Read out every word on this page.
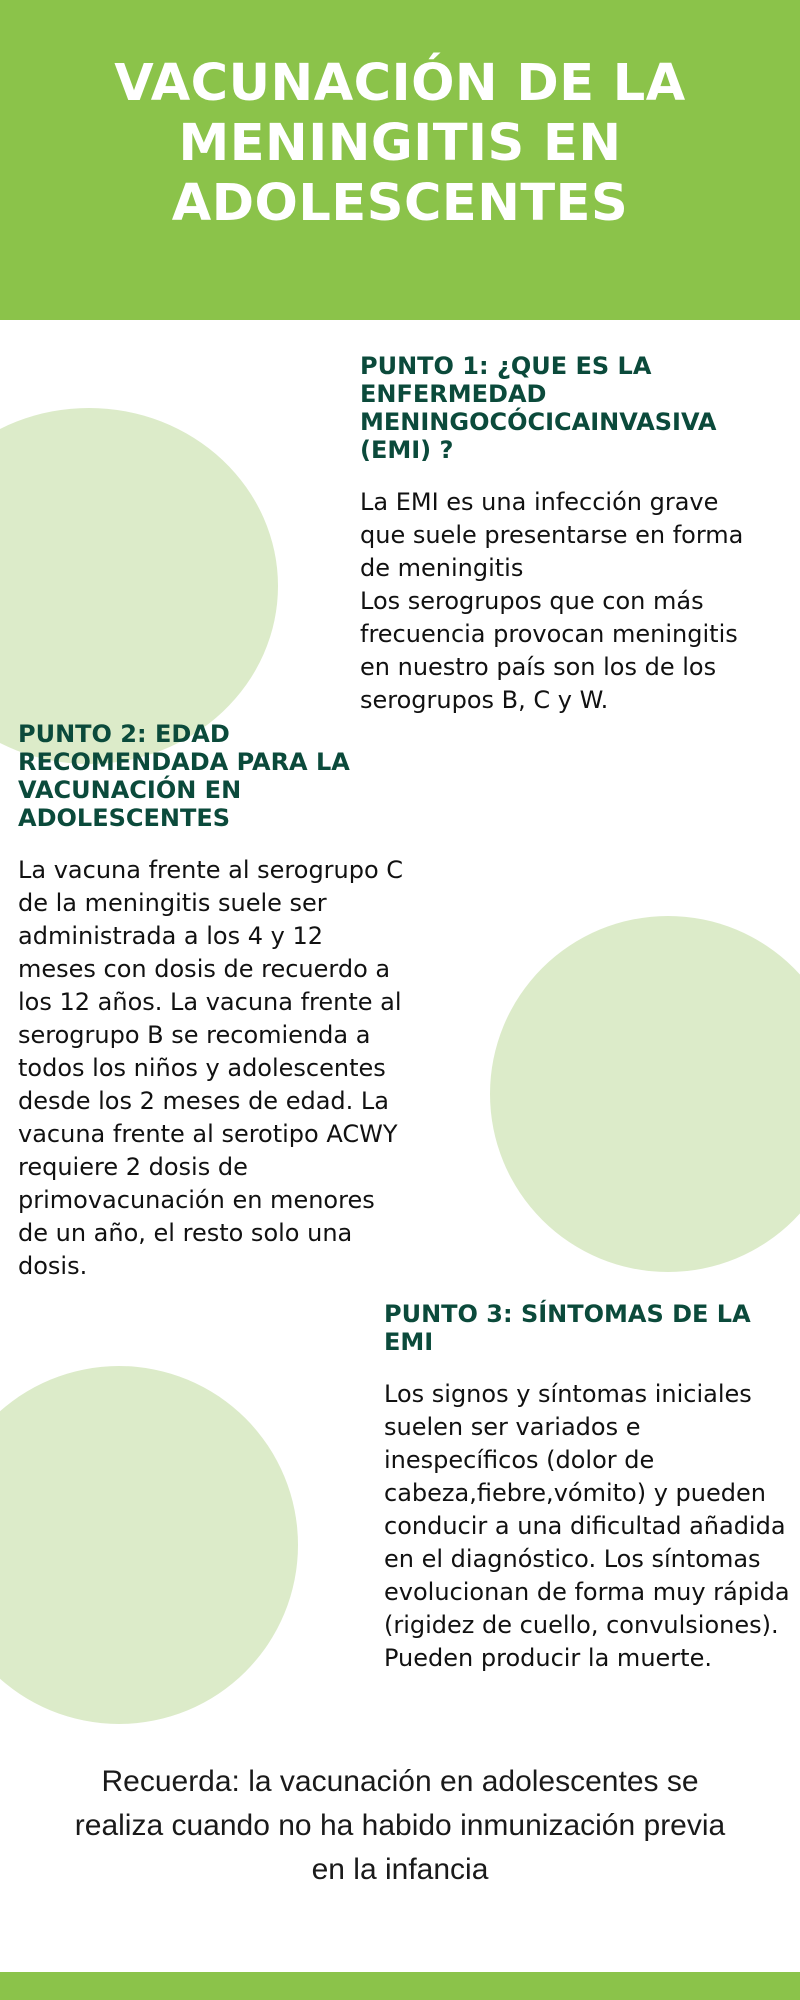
VACUNACIÓN DE LA MENINGITIS EN ADOLESCENTES
PUNTO 1: ¿QUE ES LA ENFERMEDAD MENINGOCÓCICAINVASIVA (EMI) ?

La EMI es una infección grave que suele presentarse en forma de meningitis
Los serogrupos que con más frecuencia provocan meningitis en nuestro país son los de los serogrupos B, C y W.

PUNTO 2: EDAD RECOMENDADA PARA LA VACUNACIÓN EN ADOLESCENTES

La vacuna frente al serogrupo C de la meningitis suele ser administrada a los 4 y 12 meses con dosis de recuerdo a los 12 años. La vacuna frente al serogrupo B se recomienda a todos los niños y adolescentes desde los 2 meses de edad. La vacuna frente al serotipo ACWY requiere 2 dosis de primovacunación en menores de un año, el resto solo una dosis.

PUNTO 3: SÍNTOMAS DE LA EMI

Los signos y síntomas iniciales suelen ser variados e inespecíficos (dolor de cabeza,fiebre,vómito) y pueden conducir a una dificultad añadida en el diagnóstico. Los síntomas evolucionan de forma muy rápida (rigidez de cuello, convulsiones). Pueden producir la muerte.

Recuerda: la vacunación en adolescentes se realiza cuando no ha habido inmunización previa en la infancia
